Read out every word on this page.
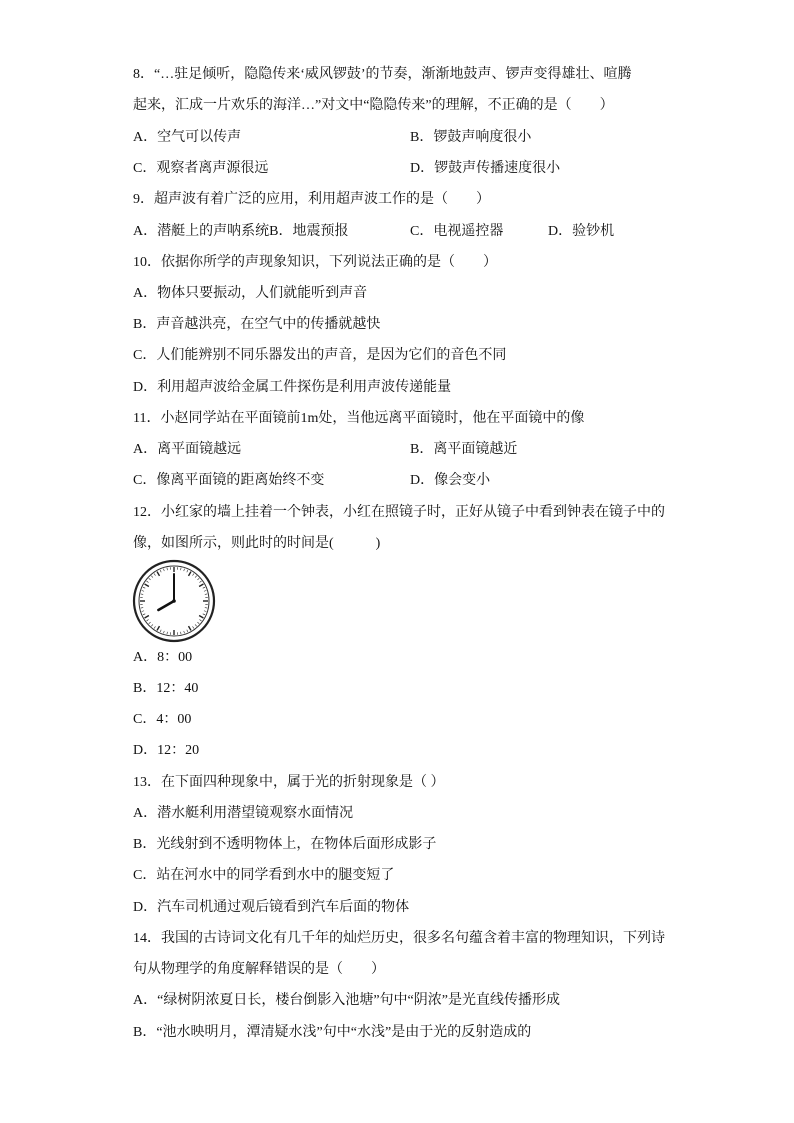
8．“…驻足倾听，隐隐传来‘威风锣鼓’的节奏，渐渐地鼓声、锣声变得雄壮、喧腾
起来，汇成一片欢乐的海洋…”对文中“隐隐传来”的理解，不正确的是（　　）
A．空气可以传声	B．锣鼓声响度很小
C．观察者离声源很远	D．锣鼓声传播速度很小
9．超声波有着广泛的应用，利用超声波工作的是（　　）
A．潜艇上的声呐系统B．地震预报	C．电视遥控器	D．验钞机
10．依据你所学的声现象知识，下列说法正确的是（　　）
A．物体只要振动，人们就能听到声音
B．声音越洪亮，在空气中的传播就越快
C．人们能辨别不同乐器发出的声音，是因为它们的音色不同
D．利用超声波给金属工件探伤是利用声波传递能量
11．小赵同学站在平面镜前1m处，当他远离平面镜时，他在平面镜中的像
A．离平面镜越远	B．离平面镜越近
C．像离平面镜的距离始终不变	D．像会变小
12．小红家的墙上挂着一个钟表，小红在照镜子时，正好从镜子中看到钟表在镜子中的
像，如图所示，则此时的时间是(　　　)
A．8：00
B．12：40
C．4：00
D．12：20
13．在下面四种现象中，属于光的折射现象是（ ）
A．潜水艇利用潜望镜观察水面情况
B．光线射到不透明物体上，在物体后面形成影子
C．站在河水中的同学看到水中的腿变短了
D．汽车司机通过观后镜看到汽车后面的物体
14．我国的古诗词文化有几千年的灿烂历史，很多名句蕴含着丰富的物理知识，下列诗
句从物理学的角度解释错误的是（　　）
A．“绿树阴浓夏日长，楼台倒影入池塘”句中“阴浓”是光直线传播形成
B．“池水映明月，潭清疑水浅”句中“水浅”是由于光的反射造成的
